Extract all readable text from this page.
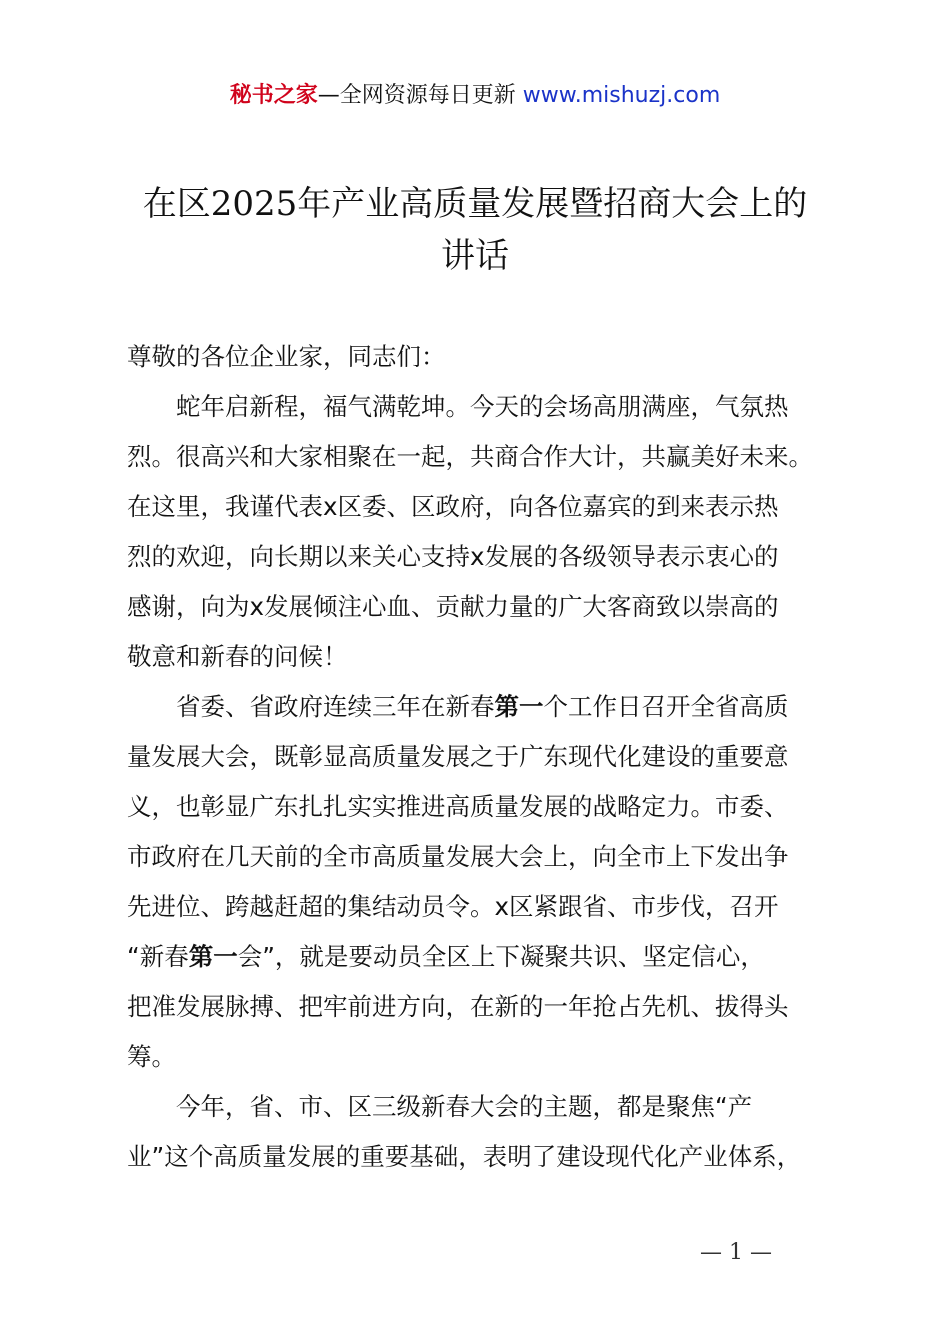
秘书之家—全网资源每日更新 www.mishuzj.com
在区2025年产业高质量发展暨招商大会上的
讲话

尊敬的各位企业家，同志们：

蛇年启新程，福气满乾坤。今天的会场高朋满座，气氛热
烈。很高兴和大家相聚在一起，共商合作大计，共赢美好未来。
在这里，我谨代表x区委、区政府，向各位嘉宾的到来表示热
烈的欢迎，向长期以来关心支持x发展的各级领导表示衷心的
感谢，向为x发展倾注心血、贡献力量的广大客商致以崇高的
敬意和新春的问候！

省委、省政府连续三年在新春第一个工作日召开全省高质
量发展大会，既彰显高质量发展之于广东现代化建设的重要意
义，也彰显广东扎扎实实推进高质量发展的战略定力。市委、
市政府在几天前的全市高质量发展大会上，向全市上下发出争
先进位、跨越赶超的集结动员令。x区紧跟省、市步伐，召开
“新春第一会”，就是要动员全区上下凝聚共识、坚定信心，
把准发展脉搏、把牢前进方向，在新的一年抢占先机、拔得头
筹。

今年，省、市、区三级新春大会的主题，都是聚焦“产
业”这个高质量发展的重要基础，表明了建设现代化产业体系，

— 1 —
